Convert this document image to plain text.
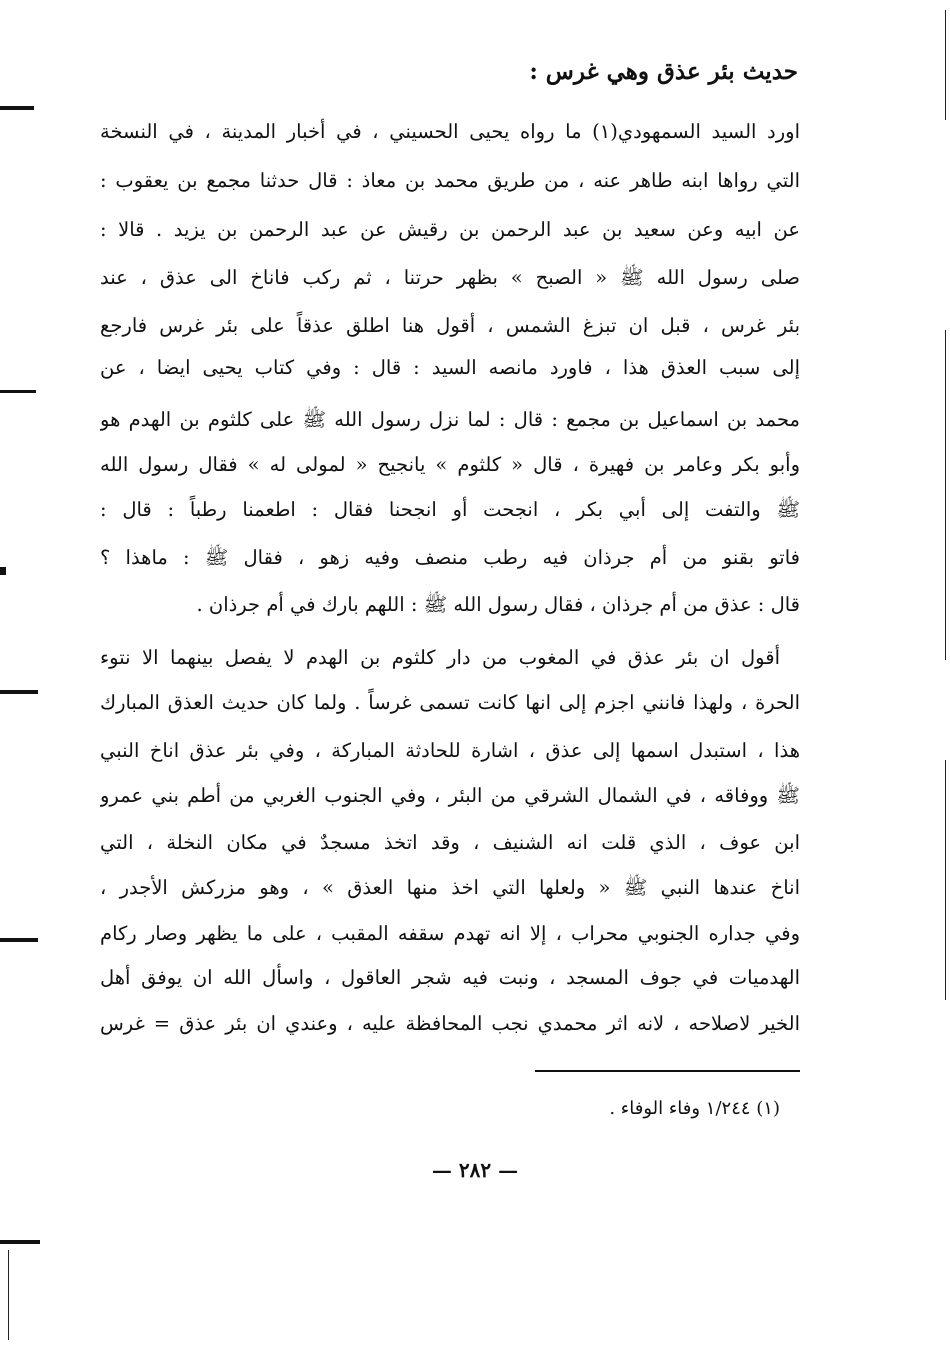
حديث بئر عذق وهي غرس :
اورد السيد السمهودي(١) ما رواه يحيى الحسيني ، في أخبار المدينة ، في النسخة
التي رواها ابنه طاهر عنه ، من طريق محمد بن معاذ : قال حدثنا مجمع بن يعقوب :
عن ابيه وعن سعيد بن عبد الرحمن بن رقيش عن عبد الرحمن بن يزيد . قالا :
صلى رسول الله ﷺ « الصبح » بظهر حرتنا ، ثم ركب فاناخ الى عذق ، عند
بئر غرس ، قبل ان تبزغ الشمس ، أقول هنا اطلق عذقاً على بئر غرس فارجع
إلى سبب العذق هذا ، فاورد مانصه السيد : قال : وفي كتاب يحيى ايضا ، عن
محمد بن اسماعيل بن مجمع : قال : لما نزل رسول الله ﷺ على كلثوم بن الهدم هو
وأبو بكر وعامر بن فهيرة ، قال « كلثوم » يانجيح « لمولى له » فقال رسول الله
ﷺ والتفت إلى أبي بكر ، انجحت أو انجحنا فقال : اطعمنا رطباً : قال :
فاتو بقنو من أم جرذان فيه رطب منصف وفيه زهو ، فقال ﷺ : ماهذا ؟
قال : عذق من أم جرذان ، فقال رسول الله ﷺ : اللهم بارك في أم جرذان .
أقول ان بئر عذق في المغوب من دار كلثوم بن الهدم لا يفصل بينهما الا نتوء
الحرة ، ولهذا فانني اجزم إلى انها كانت تسمى غرساً . ولما كان حديث العذق المبارك
هذا ، استبدل اسمها إلى عذق ، اشارة للحادثة المباركة ، وفي بئر عذق اناخ النبي
ﷺ ووفاقه ، في الشمال الشرقي من البئر ، وفي الجنوب الغربي من أطم بني عمرو
ابن عوف ، الذي قلت انه الشنيف ، وقد اتخذ مسجدٌ في مكان النخلة ، التي
اناخ عندها النبي ﷺ « ولعلها التي اخذ منها العذق » ، وهو مزركش الأجدر ،
وفي جداره الجنوبي محراب ، إلا انه تهدم سقفه المقبب ، على ما يظهر وصار ركام
الهدميات في جوف المسجد ، ونبت فيه شجر العاقول ، واسأل الله ان يوفق أهل
الخير لاصلاحه ، لانه اثر محمدي نجب المحافظة عليه ، وعندي ان بئر عذق = غرس
(١) ١/٢٤٤ وفاء الوفاء .
— ٢٨٢ —
